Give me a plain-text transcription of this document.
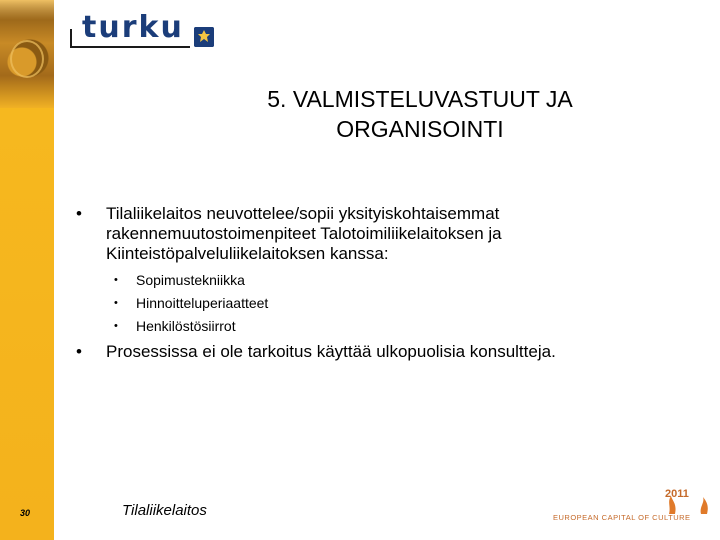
turku
5. VALMISTELUVASTUUT JA
ORGANISOINTI
• Tilaliikelaitos neuvottelee/sopii yksityiskohtaisemmat rakennemuutostoimenpiteet Talotoimiliikelaitoksen ja Kiinteistöpalveluliikelaitoksen kanssa:
• Sopimustekniikka
• Hinnoitteluperiaatteet
• Henkilöstösiirrot
• Prosessissa ei ole tarkoitus käyttää ulkopuolisia konsultteja.
30	Tilaliikelaitos
2011
EUROPEAN CAPITAL OF CULTURE
